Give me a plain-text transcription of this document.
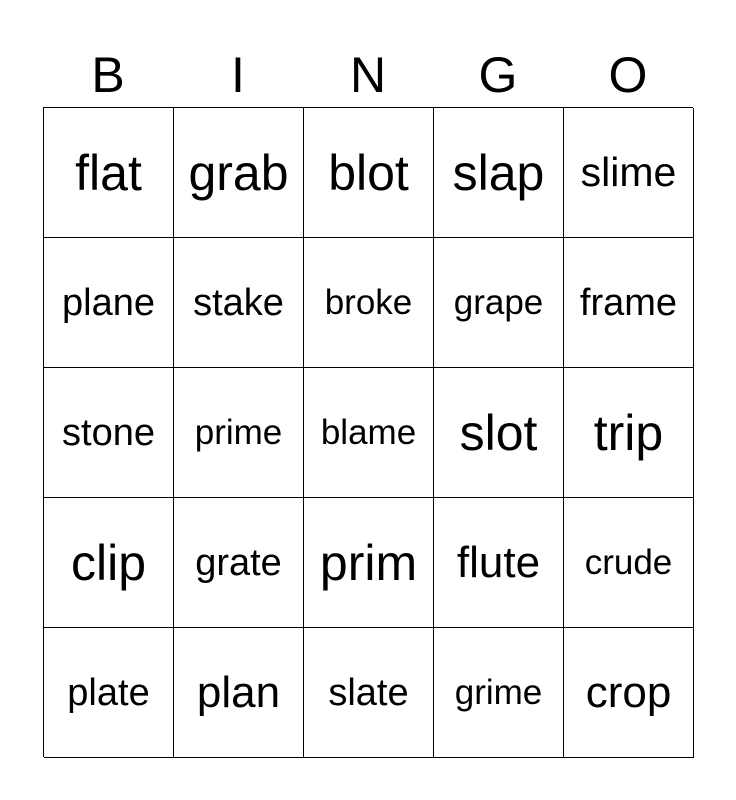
B	I	N	G	O
flat grab blot slap slime
plane	stake	broke	grape frame
stone	prime	blame slot	trip
clip	grate prim flute	crude
plate	plan	slate	grime crop
